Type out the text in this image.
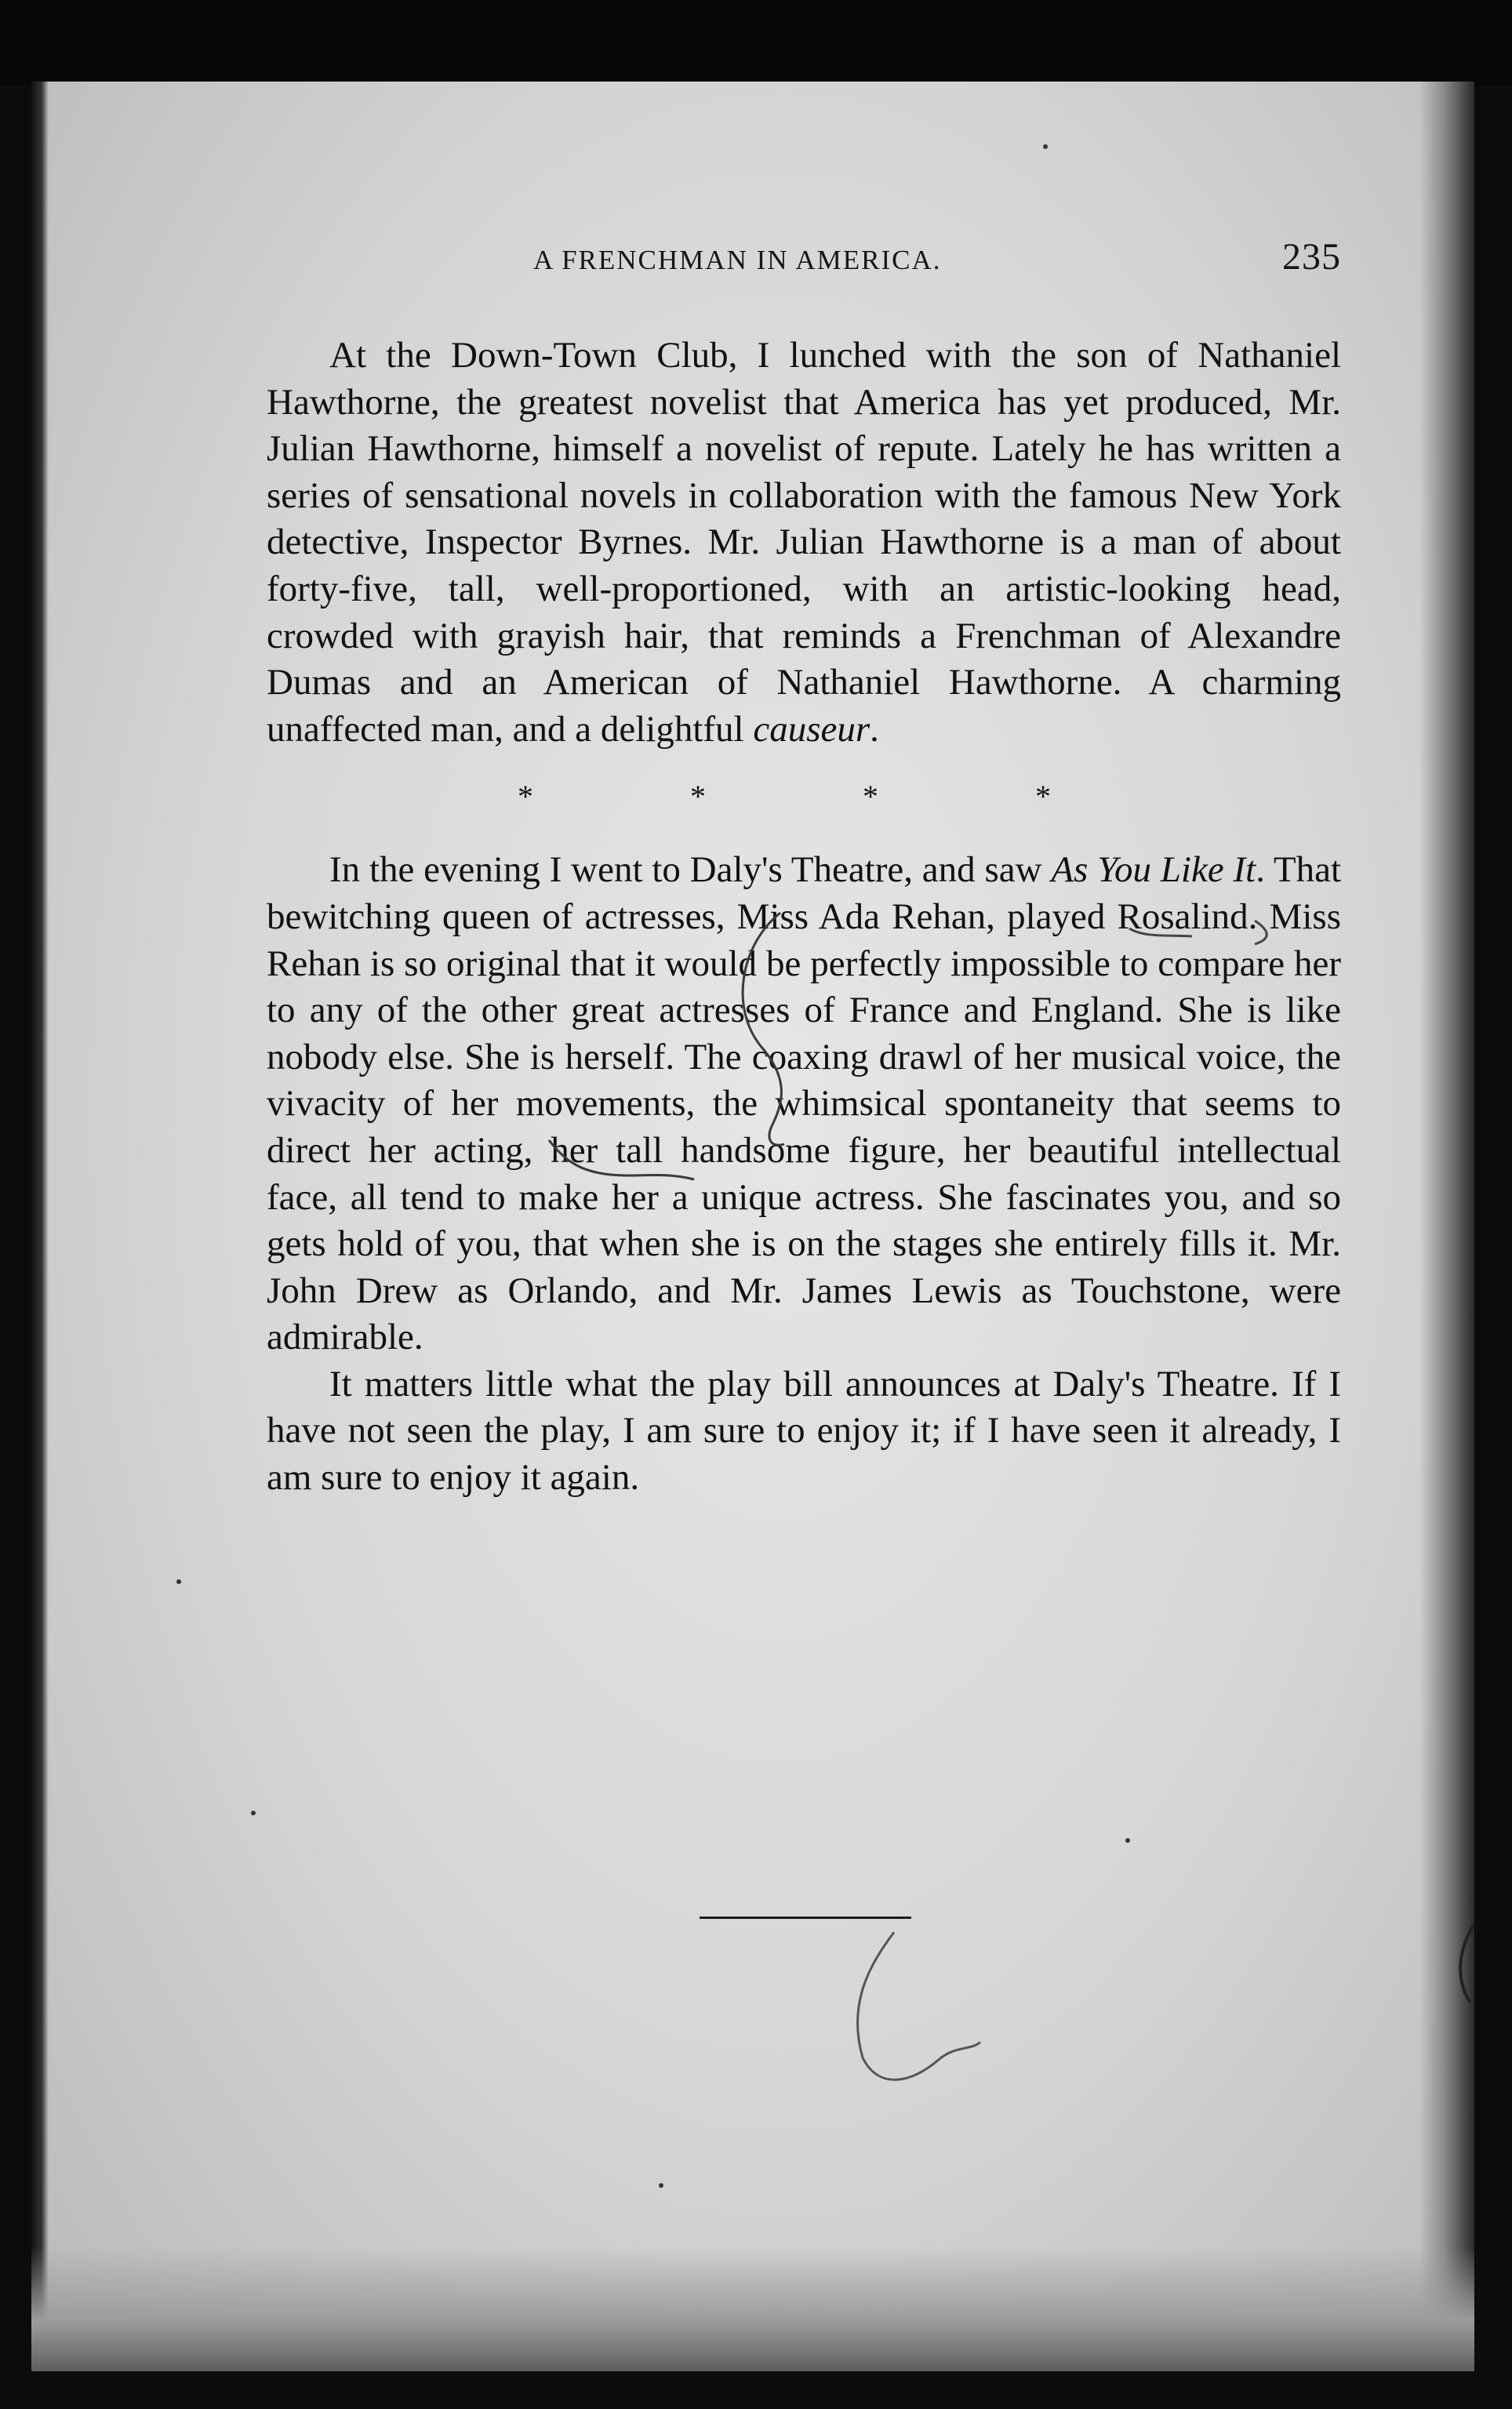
A FRENCHMAN IN AMERICA.	235

At the Down-Town Club, I lunched with the son of Nathaniel Hawthorne, the greatest novelist that America has yet produced, Mr. Julian Hawthorne, himself a novelist of repute. Lately he has written a series of sensational novels in collaboration with the famous New York detective, Inspector Byrnes. Mr. Julian Hawthorne is a man of about forty-five, tall, well-proportioned, with an artistic-looking head, crowded with grayish hair, that reminds a Frenchman of Alexandre Dumas and an American of Nathaniel Hawthorne. A charming unaffected man, and a delightful causeur.

*	*	*	*

In the evening I went to Daly's Theatre, and saw As You Like It. That bewitching queen of actresses, Miss Ada Rehan, played Rosalind. Miss Rehan is so original that it would be perfectly impossible to compare her to any of the other great actresses of France and England. She is like nobody else. She is herself. The coaxing drawl of her musical voice, the vivacity of her movements, the whimsical spontaneity that seems to direct her acting, her tall handsome figure, her beautiful intellectual face, all tend to make her a unique actress. She fascinates you, and so gets hold of you, that when she is on the stages she entirely fills it. Mr. John Drew as Orlando, and Mr. James Lewis as Touchstone, were admirable.

It matters little what the play bill announces at Daly's Theatre. If I have not seen the play, I am sure to enjoy it; if I have seen it already, I am sure to enjoy it again.
